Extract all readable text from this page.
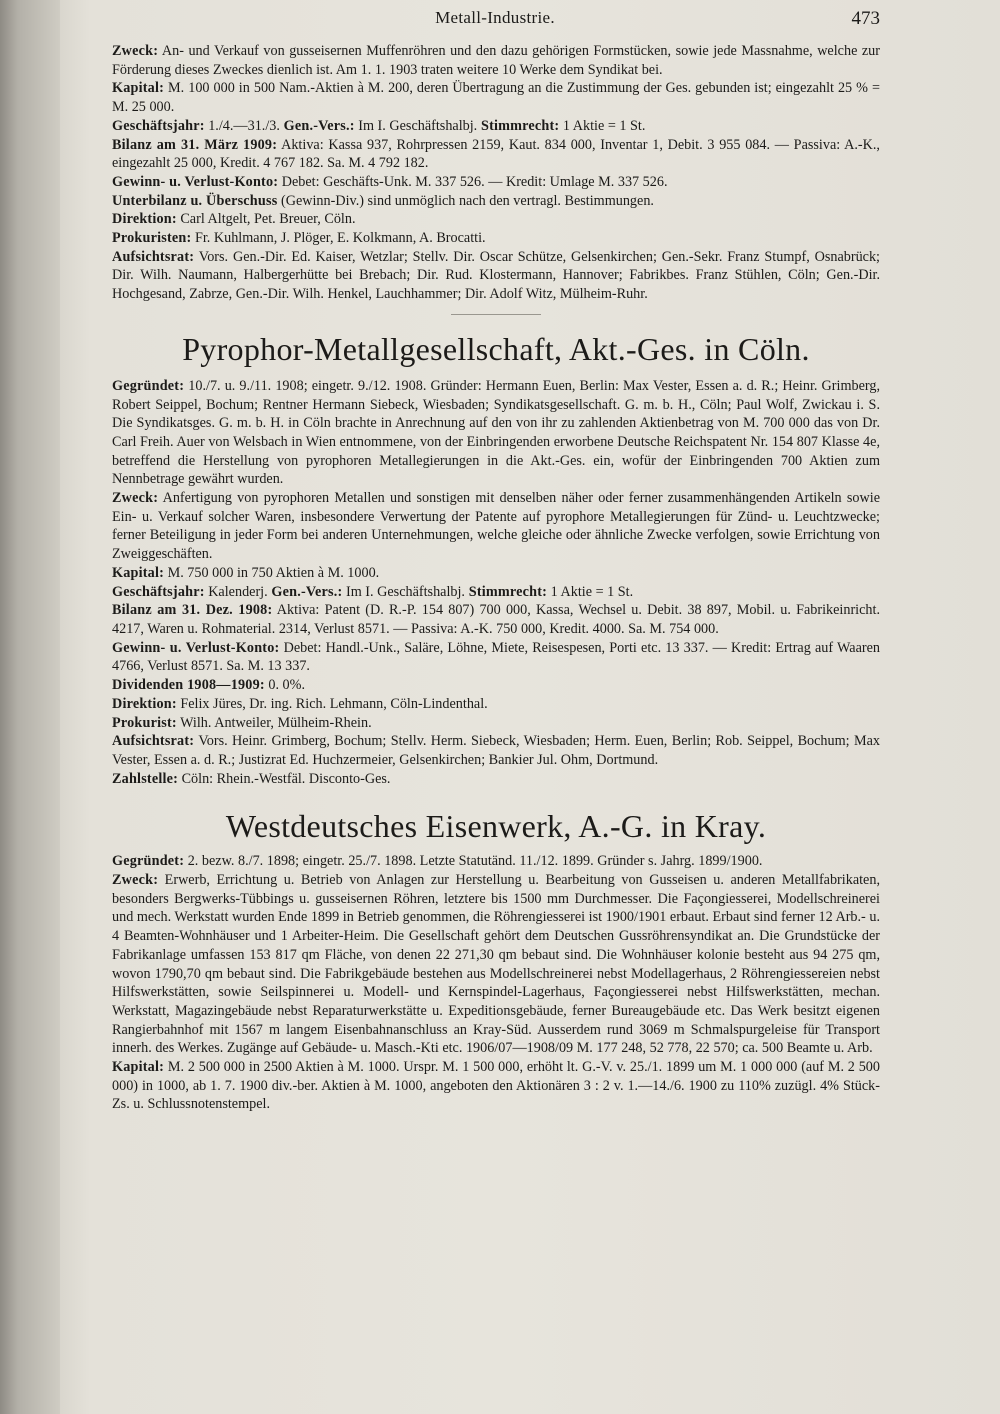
Metall-Industrie.	473

Zweck: An- und Verkauf von gusseisernen Muffenröhren und den dazu gehörigen Formstücken, sowie jede Massnahme, welche zur Förderung dieses Zweckes dienlich ist. Am 1. 1. 1903 traten weitere 10 Werke dem Syndikat bei.

Kapital: M. 100 000 in 500 Nam.-Aktien à M. 200, deren Übertragung an die Zustimmung der Ges. gebunden ist; eingezahlt 25 % = M. 25 000.

Geschäftsjahr: 1./4.—31./3. Gen.-Vers.: Im I. Geschäftshalbj. Stimmrecht: 1 Aktie = 1 St.

Bilanz am 31. März 1909: Aktiva: Kassa 937, Rohrpressen 2159, Kaut. 834 000, Inventar 1, Debit. 3 955 084. — Passiva: A.-K., eingezahlt 25 000, Kredit. 4 767 182. Sa. M. 4 792 182.

Gewinn- u. Verlust-Konto: Debet: Geschäfts-Unk. M. 337 526. — Kredit: Umlage M. 337 526.

Unterbilanz u. Überschuss (Gewinn-Div.) sind unmöglich nach den vertragl. Bestimmungen.

Direktion: Carl Altgelt, Pet. Breuer, Cöln.

Prokuristen: Fr. Kuhlmann, J. Plöger, E. Kolkmann, A. Brocatti.

Aufsichtsrat: Vors. Gen.-Dir. Ed. Kaiser, Wetzlar; Stellv. Dir. Oscar Schütze, Gelsenkirchen; Gen.-Sekr. Franz Stumpf, Osnabrück; Dir. Wilh. Naumann, Halbergerhütte bei Brebach; Dir. Rud. Klostermann, Hannover; Fabrikbes. Franz Stühlen, Cöln; Gen.-Dir. Hochgesand, Zabrze, Gen.-Dir. Wilh. Henkel, Lauchhammer; Dir. Adolf Witz, Mülheim-Ruhr.

Pyrophor-Metallgesellschaft, Akt.-Ges. in Cöln.

Gegründet: 10./7. u. 9./11. 1908; eingetr. 9./12. 1908. Gründer: Hermann Euen, Berlin: Max Vester, Essen a. d. R.; Heinr. Grimberg, Robert Seippel, Bochum; Rentner Hermann Siebeck, Wiesbaden; Syndikatsgesellschaft. G. m. b. H., Cöln; Paul Wolf, Zwickau i. S. Die Syndikatsges. G. m. b. H. in Cöln brachte in Anrechnung auf den von ihr zu zahlenden Aktienbetrag von M. 700 000 das von Dr. Carl Freih. Auer von Welsbach in Wien entnommene, von der Einbringenden erworbene Deutsche Reichspatent Nr. 154 807 Klasse 4e, betreffend die Herstellung von pyrophoren Metallegierungen in die Akt.-Ges. ein, wofür der Einbringenden 700 Aktien zum Nennbetrage gewährt wurden.

Zweck: Anfertigung von pyrophoren Metallen und sonstigen mit denselben näher oder ferner zusammenhängenden Artikeln sowie Ein- u. Verkauf solcher Waren, insbesondere Verwertung der Patente auf pyrophore Metallegierungen für Zünd- u. Leuchtzwecke; ferner Beteiligung in jeder Form bei anderen Unternehmungen, welche gleiche oder ähnliche Zwecke verfolgen, sowie Errichtung von Zweiggeschäften.

Kapital: M. 750 000 in 750 Aktien à M. 1000.

Geschäftsjahr: Kalenderj. Gen.-Vers.: Im I. Geschäftshalbj. Stimmrecht: 1 Aktie = 1 St.

Bilanz am 31. Dez. 1908: Aktiva: Patent (D. R.-P. 154 807) 700 000, Kassa, Wechsel u. Debit. 38 897, Mobil. u. Fabrikeinricht. 4217, Waren u. Rohmaterial. 2314, Verlust 8571. — Passiva: A.-K. 750 000, Kredit. 4000. Sa. M. 754 000.

Gewinn- u. Verlust-Konto: Debet: Handl.-Unk., Saläre, Löhne, Miete, Reisespesen, Porti etc. 13 337. — Kredit: Ertrag auf Waaren 4766, Verlust 8571. Sa. M. 13 337.

Dividenden 1908—1909: 0. 0%.

Direktion: Felix Jüres, Dr. ing. Rich. Lehmann, Cöln-Lindenthal.

Prokurist: Wilh. Antweiler, Mülheim-Rhein.

Aufsichtsrat: Vors. Heinr. Grimberg, Bochum; Stellv. Herm. Siebeck, Wiesbaden; Herm. Euen, Berlin; Rob. Seippel, Bochum; Max Vester, Essen a. d. R.; Justizrat Ed. Huchzermeier, Gelsenkirchen; Bankier Jul. Ohm, Dortmund.

Zahlstelle: Cöln: Rhein.-Westfäl. Disconto-Ges.

Westdeutsches Eisenwerk, A.-G. in Kray.

Gegründet: 2. bezw. 8./7. 1898; eingetr. 25./7. 1898. Letzte Statutänd. 11./12. 1899. Gründer s. Jahrg. 1899/1900.

Zweck: Erwerb, Errichtung u. Betrieb von Anlagen zur Herstellung u. Bearbeitung von Gusseisen u. anderen Metallfabrikaten, besonders Bergwerks-Tübbings u. gusseisernen Röhren, letztere bis 1500 mm Durchmesser. Die Façongiesserei, Modellschreinerei und mech. Werkstatt wurden Ende 1899 in Betrieb genommen, die Röhrengiesserei ist 1900/1901 erbaut. Erbaut sind ferner 12 Arb.- u. 4 Beamten-Wohnhäuser und 1 Arbeiter-Heim. Die Gesellschaft gehört dem Deutschen Gussröhrensyndikat an. Die Grundstücke der Fabrikanlage umfassen 153 817 qm Fläche, von denen 22 271,30 qm bebaut sind. Die Wohnhäuser kolonie besteht aus 94 275 qm, wovon 1790,70 qm bebaut sind. Die Fabrikgebäude bestehen aus Modellschreinerei nebst Modellagerhaus, 2 Röhrengiessereien nebst Hilfswerkstätten, sowie Seilspinnerei u. Modell- und Kernspindel-Lagerhaus, Façongiesserei nebst Hilfswerkstätten, mechan. Werkstatt, Magazingebäude nebst Reparaturwerkstätte u. Expeditionsgebäude, ferner Bureaugebäude etc. Das Werk besitzt eigenen Rangierbahnhof mit 1567 m langem Eisenbahnanschluss an Kray-Süd. Ausserdem rund 3069 m Schmalspurgeleise für Transport innerh. des Werkes. Zugänge auf Gebäude- u. Masch.-Kti etc. 1906/07—1908/09 M. 177 248, 52 778, 22 570; ca. 500 Beamte u. Arb.

Kapital: M. 2 500 000 in 2500 Aktien à M. 1000. Urspr. M. 1 500 000, erhöht lt. G.-V. v. 25./1. 1899 um M. 1 000 000 (auf M. 2 500 000) in 1000, ab 1. 7. 1900 div.-ber. Aktien à M. 1000, angeboten den Aktionären 3 : 2 v. 1.—14./6. 1900 zu 110% zuzügl. 4% Stück-Zs. u. Schlussnotenstempel.
